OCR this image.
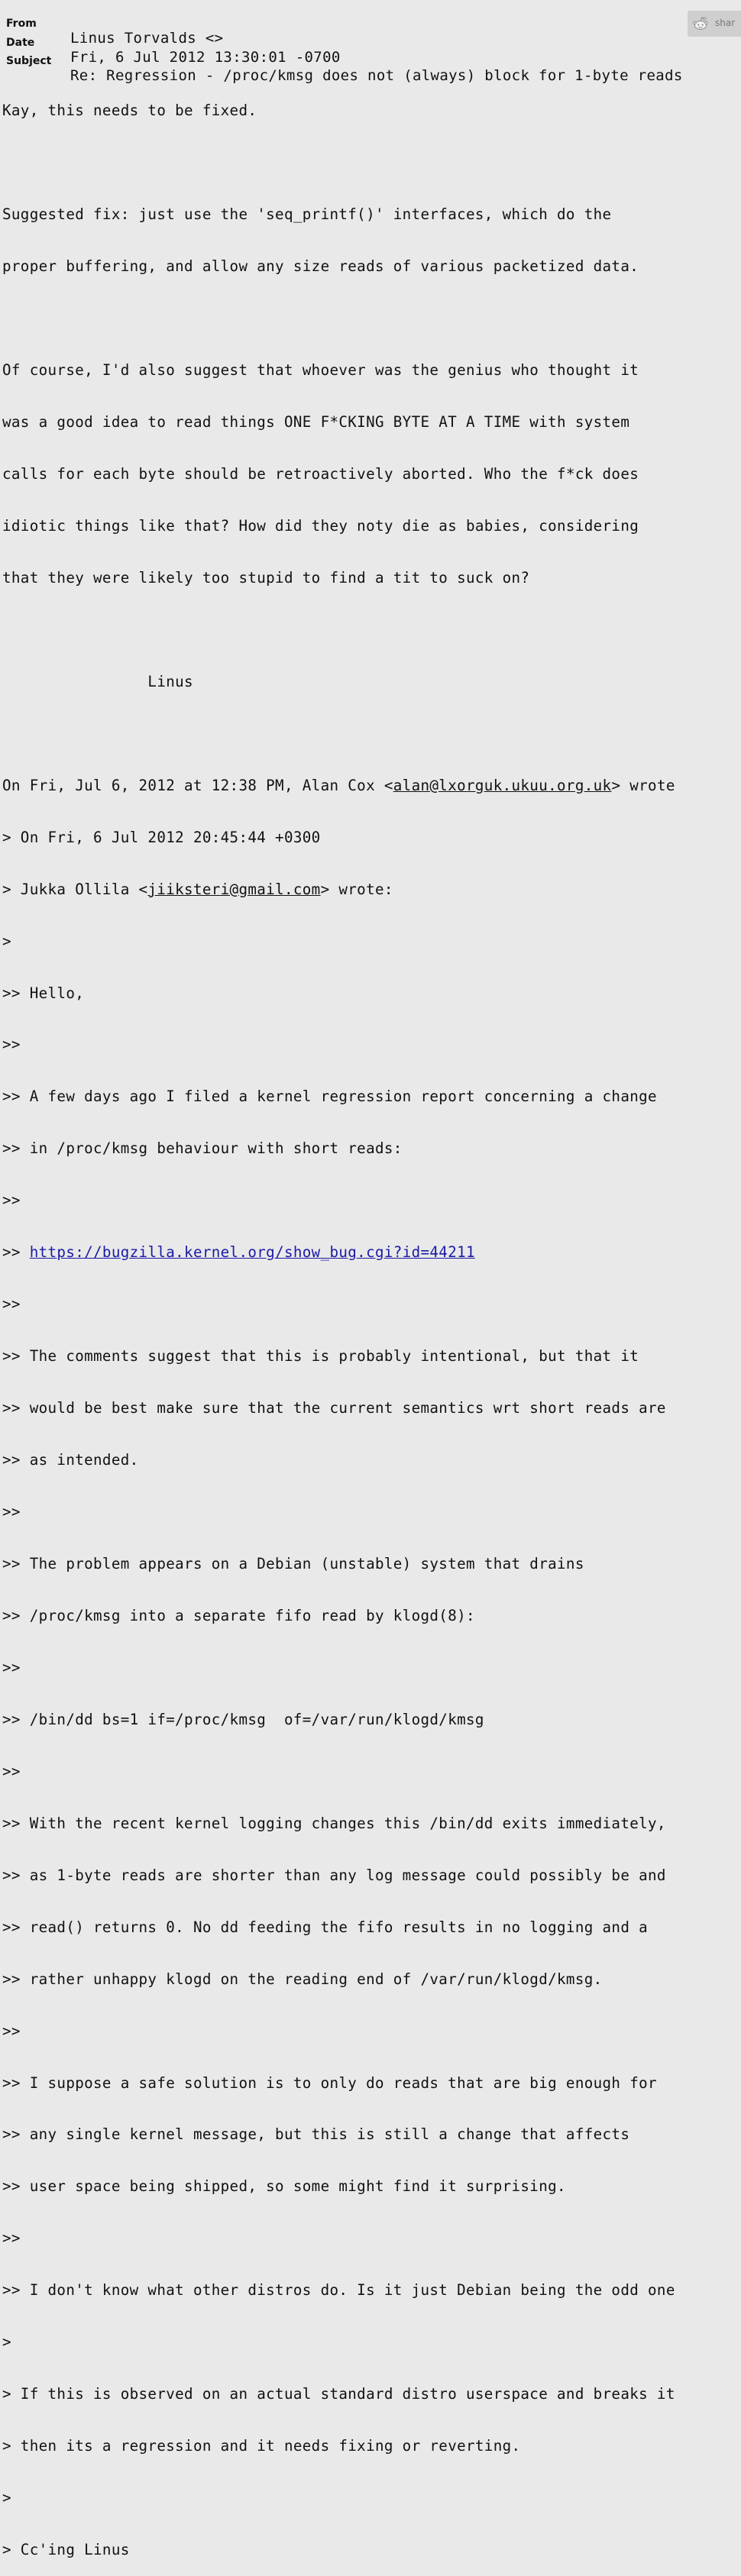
From

Linus Torvalds <>

Date

Fri, 6 Jul 2012 13:30:01 -0700

Subject

Re: Regression - /proc/kmsg does not (always) block for 1-byte reads

shar

Kay, this needs to be fixed.

Suggested fix: just use the 'seq_printf()' interfaces, which do the

proper buffering, and allow any size reads of various packetized data.

Of course, I'd also suggest that whoever was the genius who thought it

was a good idea to read things ONE F*CKING BYTE AT A TIME with system

calls for each byte should be retroactively aborted. Who the f*ck does

idiotic things like that? How did they noty die as babies, considering

that they were likely too stupid to find a tit to suck on?

Linus

On Fri, Jul 6, 2012 at 12:38 PM, Alan Cox <alan@lxorguk.ukuu.org.uk> wrote

> On Fri, 6 Jul 2012 20:45:44 +0300

> Jukka Ollila <jiiksteri@gmail.com> wrote:

>

>> Hello,

>>

>> A few days ago I filed a kernel regression report concerning a change

>> in /proc/kmsg behaviour with short reads:

>>

>> https://bugzilla.kernel.org/show_bug.cgi?id=44211

>>

>> The comments suggest that this is probably intentional, but that it

>> would be best make sure that the current semantics wrt short reads are

>> as intended.

>>

>> The problem appears on a Debian (unstable) system that drains

>> /proc/kmsg into a separate fifo read by klogd(8):

>>

>> /bin/dd bs=1 if=/proc/kmsg  of=/var/run/klogd/kmsg

>>

>> With the recent kernel logging changes this /bin/dd exits immediately,

>> as 1-byte reads are shorter than any log message could possibly be and

>> read() returns 0. No dd feeding the fifo results in no logging and a

>> rather unhappy klogd on the reading end of /var/run/klogd/kmsg.

>>

>> I suppose a safe solution is to only do reads that are big enough for

>> any single kernel message, but this is still a change that affects

>> user space being shipped, so some might find it surprising.

>>

>> I don't know what other distros do. Is it just Debian being the odd one

>

> If this is observed on an actual standard distro userspace and breaks it

> then its a regression and it needs fixing or reverting.

>

> Cc'ing Linus
